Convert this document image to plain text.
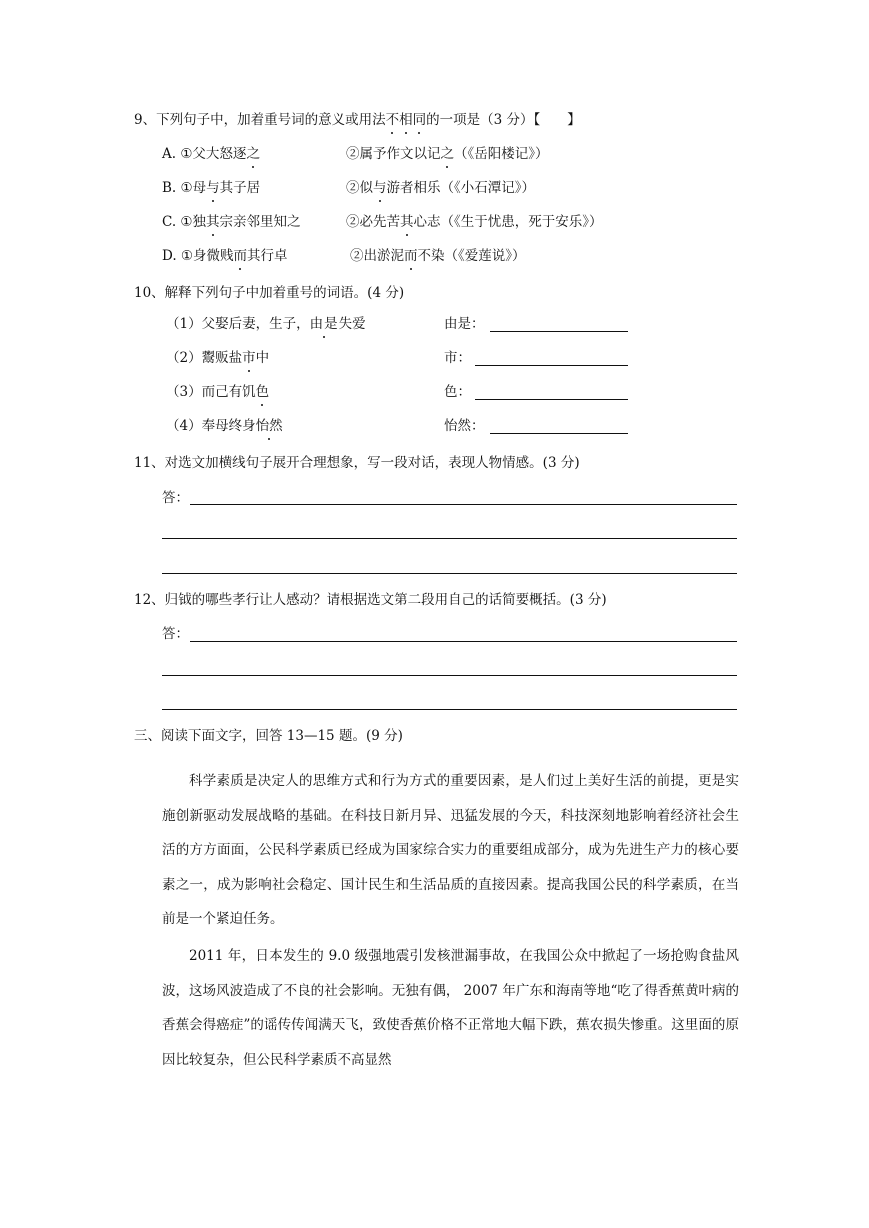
9、下列句子中，加着重号词的意义或用法不相同的一项是（3 分）【　　】
A. ①父大怒逐之	②属予作文以记之（《岳阳楼记》）
B. ①母与其子居	②似与游者相乐（《小石潭记》）
C. ①独其宗亲邻里知之	②必先苦其心志（《生于忧患，死于安乐》）
D. ①身微贱而其行卓	②出淤泥而不染（《爱莲说》）
10、解释下列句子中加着重号的词语。(4 分)
（1）父娶后妻，生子，由是失爱	由是：
（2）鬻贩盐市中	市：
（3）而己有饥色	色：
（4）奉母终身怡然	怡然：
11、对选文加横线句子展开合理想象，写一段对话，表现人物情感。(3 分)
答：
12、归钺的哪些孝行让人感动？请根据选文第二段用自己的话简要概括。(3 分)
答：
三、阅读下面文字，回答 13—15 题。(9 分)

科学素质是决定人的思维方式和行为方式的重要因素，是人们过上美好生活的前提，更是实施创新驱动发展战略的基础。在科技日新月异、迅猛发展的今天，科技深刻地影响着经济社会生活的方方面面，公民科学素质已经成为国家综合实力的重要组成部分，成为先进生产力的核心要素之一，成为影响社会稳定、国计民生和生活品质的直接因素。提高我国公民的科学素质，在当前是一个紧迫任务。

2011 年，日本发生的 9.0 级强地震引发核泄漏事故，在我国公众中掀起了一场抢购食盐风波，这场风波造成了不良的社会影响。无独有偶， 2007 年广东和海南等地“吃了得香蕉黄叶病的香蕉会得癌症”的谣传传闻满天飞，致使香蕉价格不正常地大幅下跌，蕉农损失惨重。这里面的原因比较复杂，但公民科学素质不高显然
